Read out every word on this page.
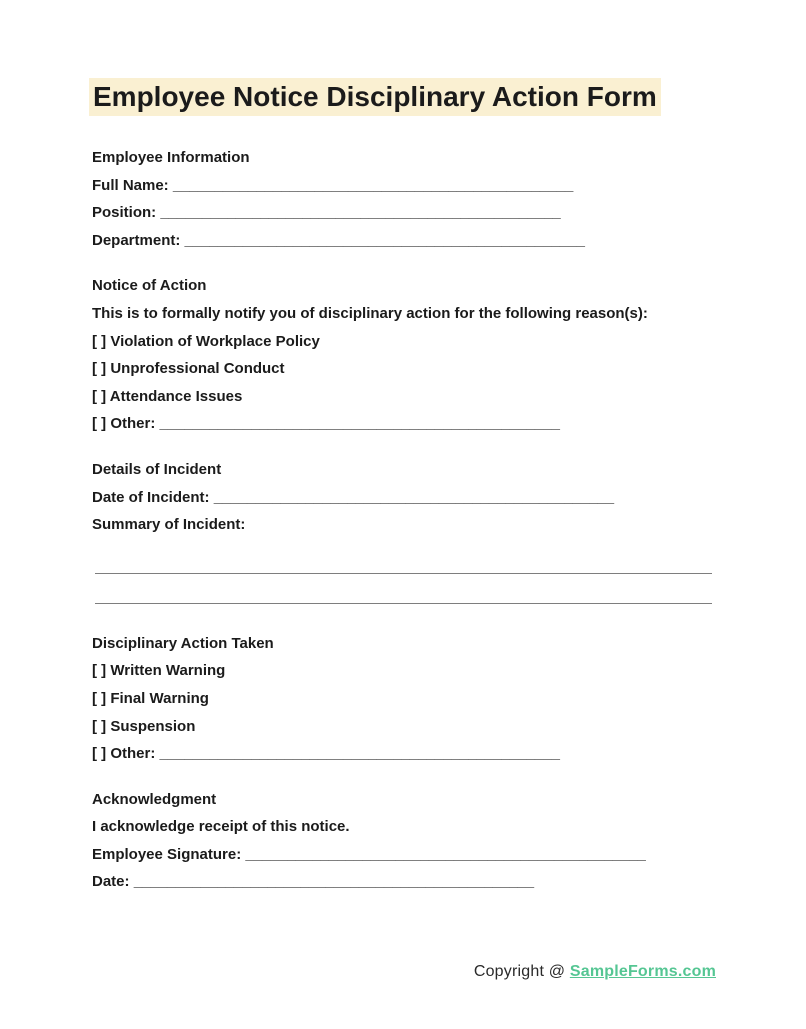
Employee Notice Disciplinary Action Form

Employee Information

Full Name: ________________________________________________

Position: ________________________________________________

Department: ________________________________________________

Notice of Action

This is to formally notify you of disciplinary action for the following reason(s):

[ ] Violation of Workplace Policy

[ ] Unprofessional Conduct

[ ] Attendance Issues

[ ] Other: ________________________________________________

Details of Incident

Date of Incident: ________________________________________________

Summary of Incident:

Disciplinary Action Taken

[ ] Written Warning

[ ] Final Warning

[ ] Suspension

[ ] Other: ________________________________________________

Acknowledgment

I acknowledge receipt of this notice.

Employee Signature: ________________________________________________

Date: ________________________________________________

Copyright @ SampleForms.com
